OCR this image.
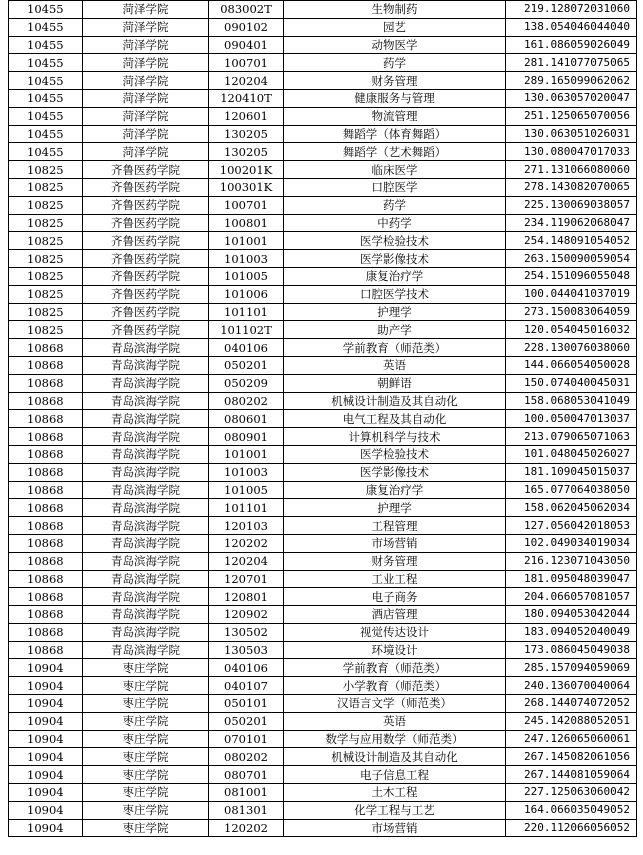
10455	菏泽学院	083002T	生物制药	219.128072031060
10455	菏泽学院	090102	园艺	138.054046044040
10455	菏泽学院	090401	动物医学	161.086059026049
10455	菏泽学院	100701	药学	281.141077075065
10455	菏泽学院	120204	财务管理	289.165099062062
10455	菏泽学院	120410T	健康服务与管理	130.063057020047
10455	菏泽学院	120601	物流管理	251.125065070056
10455	菏泽学院	130205	舞蹈学（体育舞蹈）	130.063051026031
10455	菏泽学院	130205	舞蹈学（艺术舞蹈）	130.080047017033
10825	齐鲁医药学院	100201K	临床医学	271.131066080060
10825	齐鲁医药学院	100301K	口腔医学	278.143082070065
10825	齐鲁医药学院	100701	药学	225.130069038057
10825	齐鲁医药学院	100801	中药学	234.119062068047
10825	齐鲁医药学院	101001	医学检验技术	254.148091054052
10825	齐鲁医药学院	101003	医学影像技术	263.150090059054
10825	齐鲁医药学院	101005	康复治疗学	254.151096055048
10825	齐鲁医药学院	101006	口腔医学技术	100.044041037019
10825	齐鲁医药学院	101101	护理学	273.150083064059
10825	齐鲁医药学院	101102T	助产学	120.054045016032
10868	青岛滨海学院	040106	学前教育（师范类）	228.130076038060
10868	青岛滨海学院	050201	英语	144.066054050028
10868	青岛滨海学院	050209	朝鲜语	150.074040045031
10868	青岛滨海学院	080202	机械设计制造及其自动化	158.068053041049
10868	青岛滨海学院	080601	电气工程及其自动化	100.050047013037
10868	青岛滨海学院	080901	计算机科学与技术	213.079065071063
10868	青岛滨海学院	101001	医学检验技术	101.048045026027
10868	青岛滨海学院	101003	医学影像技术	181.109045015037
10868	青岛滨海学院	101005	康复治疗学	165.077064038050
10868	青岛滨海学院	101101	护理学	158.062045062034
10868	青岛滨海学院	120103	工程管理	127.056042018053
10868	青岛滨海学院	120202	市场营销	102.049034019034
10868	青岛滨海学院	120204	财务管理	216.123071043050
10868	青岛滨海学院	120701	工业工程	181.095048039047
10868	青岛滨海学院	120801	电子商务	204.066057081057
10868	青岛滨海学院	120902	酒店管理	180.094053042044
10868	青岛滨海学院	130502	视觉传达设计	183.094052040049
10868	青岛滨海学院	130503	环境设计	173.086045049038
10904	枣庄学院	040106	学前教育（师范类）	285.157094059069
10904	枣庄学院	040107	小学教育（师范类）	240.136070040064
10904	枣庄学院	050101	汉语言文学（师范类）	268.144074072052
10904	枣庄学院	050201	英语	245.142088052051
10904	枣庄学院	070101	数学与应用数学（师范类）	247.126065060061
10904	枣庄学院	080202	机械设计制造及其自动化	267.145082061056
10904	枣庄学院	080701	电子信息工程	267.144081059064
10904	枣庄学院	081001	土木工程	227.125063060042
10904	枣庄学院	081301	化学工程与工艺	164.066035049052
10904	枣庄学院	120202	市场营销	220.112066056052
